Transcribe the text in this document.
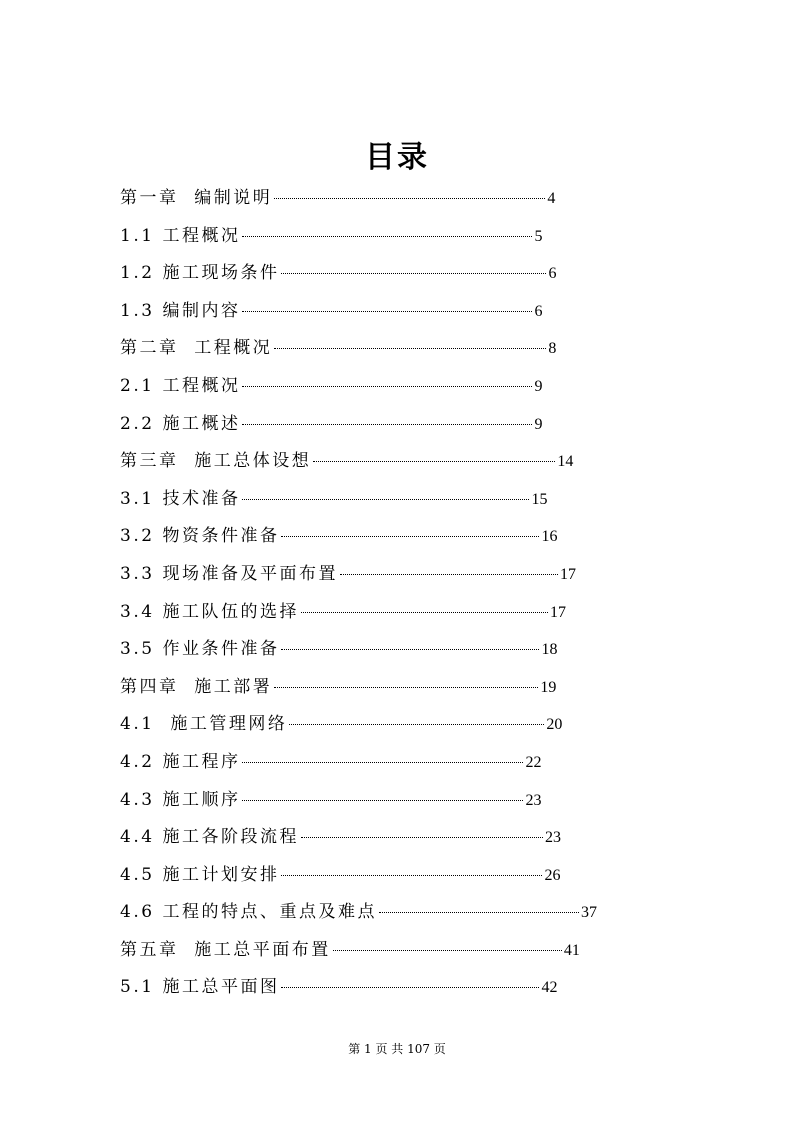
目录
第一章  编制说明	4
1.1 工程概况	5
1.2 施工现场条件	6
1.3 编制内容	6
第二章  工程概况	8
2.1 工程概况	9
2.2 施工概述	9
第三章  施工总体设想	14
3.1 技术准备	15
3.2 物资条件准备	16
3.3 现场准备及平面布置	17
3.4 施工队伍的选择	17
3.5 作业条件准备	18
第四章  施工部署	19
4.1  施工管理网络	20
4.2 施工程序	22
4.3 施工顺序	23
4.4 施工各阶段流程	23
4.5 施工计划安排	26
4.6 工程的特点、重点及难点	37
第五章  施工总平面布置	41
5.1 施工总平面图	42
第 1 页 共 107 页
